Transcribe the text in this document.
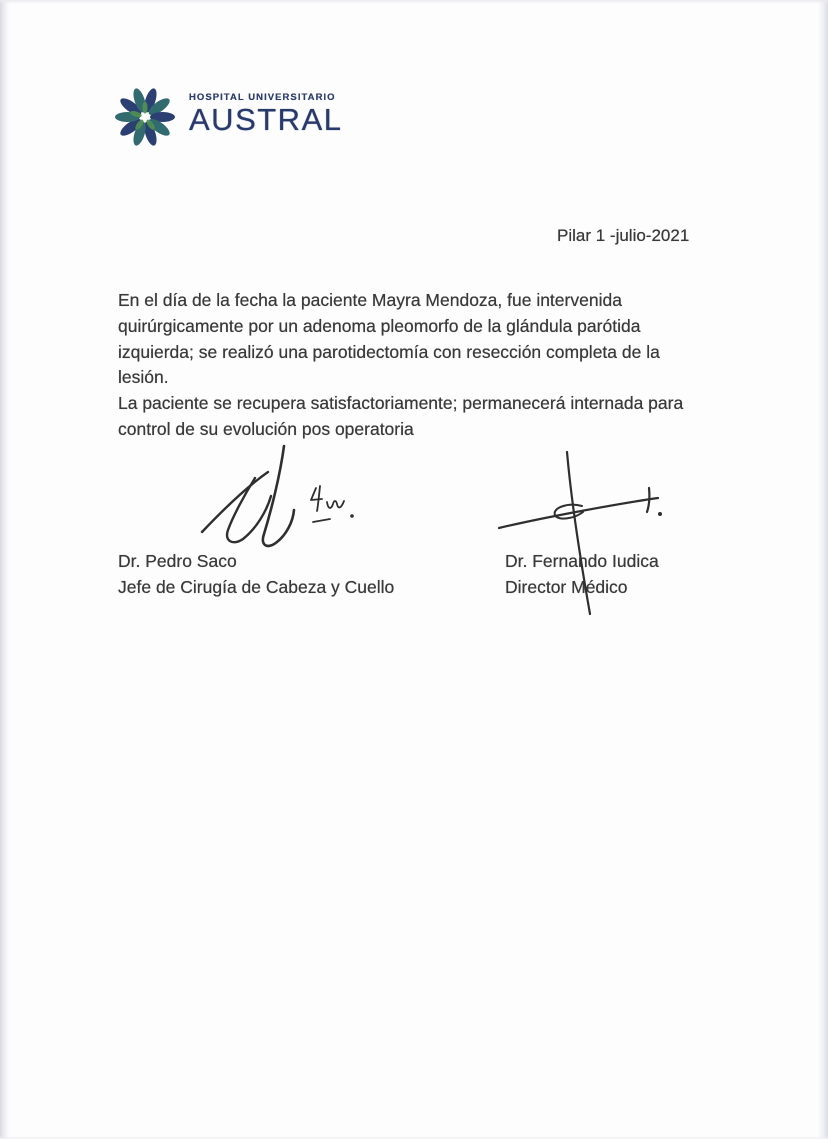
HOSPITAL UNIVERSITARIO
AUSTRAL
Pilar 1 -julio-2021
En el día de la fecha la paciente Mayra Mendoza, fue intervenida
quirúrgicamente por un adenoma pleomorfo de la glándula parótida
izquierda; se realizó una parotidectomía con resección completa de la
lesión.
La paciente se recupera satisfactoriamente; permanecerá internada para
control de su evolución pos operatoria
Dr. Pedro Saco
Jefe de Cirugía de Cabeza y Cuello
Dr. Fernando Iudica
Director Médico
